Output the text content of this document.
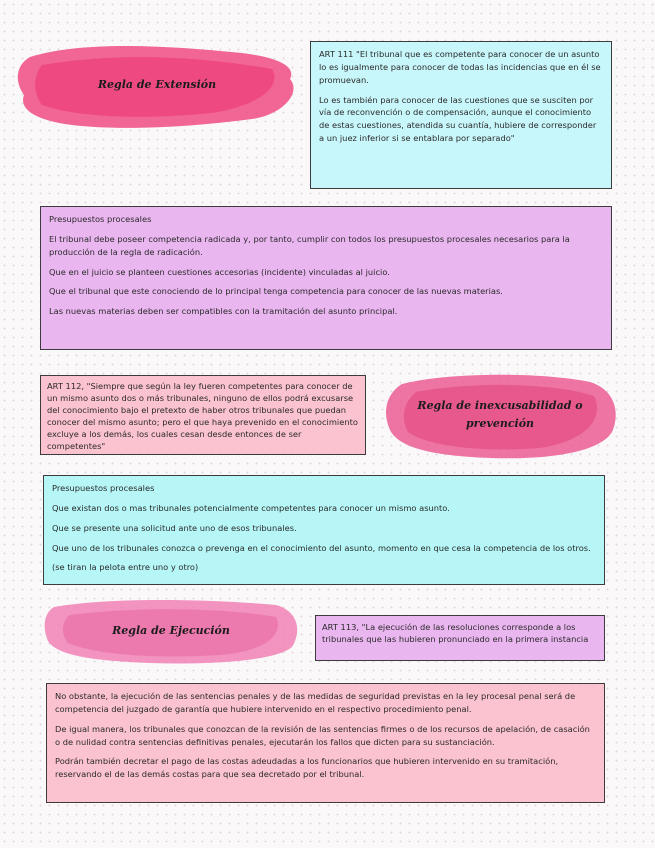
Regla de Extensión

ART 111 "El tribunal que es competente para conocer de un asunto lo es igualmente para conocer de todas las incidencias que en él se promuevan.

Lo es también para conocer de las cuestiones que se susciten por vía de reconvención o de compensación, aunque el conocimiento de estas cuestiones, atendida su cuantía, hubiere de corresponder a un juez inferior si se entablara por separado"

Presupuestos procesales

El tribunal debe poseer competencia radicada y, por tanto, cumplir con todos los presupuestos procesales necesarios para la producción de la regla de radicación.

Que en el juicio se planteen cuestiones accesorias (incidente) vinculadas al juicio.

Que el tribunal que este conociendo de lo principal tenga competencia para conocer de las nuevas materias.

Las nuevas materias deben ser compatibles con la tramitación del asunto principal.

ART 112, "Siempre que según la ley fueren competentes para conocer de un mismo asunto dos o más tribunales, ninguno de ellos podrá excusarse del conocimiento bajo el pretexto de haber otros tribunales que puedan conocer del mismo asunto; pero el que haya prevenido en el conocimiento excluye a los demás, los cuales cesan desde entonces de ser competentes"

Regla de inexcusabilidad o prevención

Presupuestos procesales

Que existan dos o mas tribunales potencialmente competentes para conocer un mismo asunto.

Que se presente una solicitud ante uno de esos tribunales.

Que uno de los tribunales conozca o prevenga en el conocimiento del asunto, momento en que cesa la competencia de los otros.

(se tiran la pelota entre uno y otro)

Regla de Ejecución	ART 113, "La ejecución de las resoluciones corresponde a los tribunales que las hubieren pronunciado en la primera instancia

No obstante, la ejecución de las sentencias penales y de las medidas de seguridad previstas en la ley procesal penal será de competencia del juzgado de garantía que hubiere intervenido en el respectivo procedimiento penal.

De igual manera, los tribunales que conozcan de la revisión de las sentencias firmes o de los recursos de apelación, de casación o de nulidad contra sentencias definitivas penales, ejecutarán los fallos que dicten para su sustanciación.

Podrán también decretar el pago de las costas adeudadas a los funcionarios que hubieren intervenido en su tramitación, reservando el de las demás costas para que sea decretado por el tribunal.
